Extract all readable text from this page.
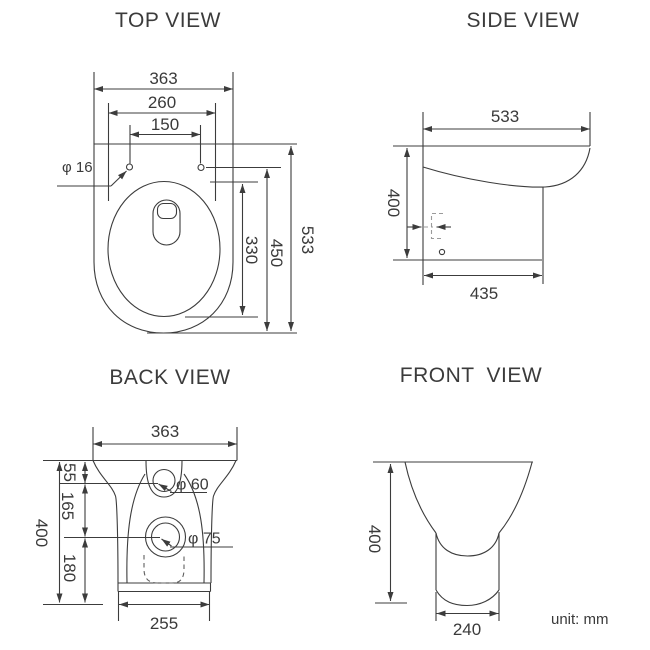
TOP VIEW
363
260
150
φ 16
533
450
330
SIDE VIEW
533
400
435
BACK VIEW
363
400
55
165
180
φ 60
φ 75
255
FRONT VIEW
400
240
unit: mm
